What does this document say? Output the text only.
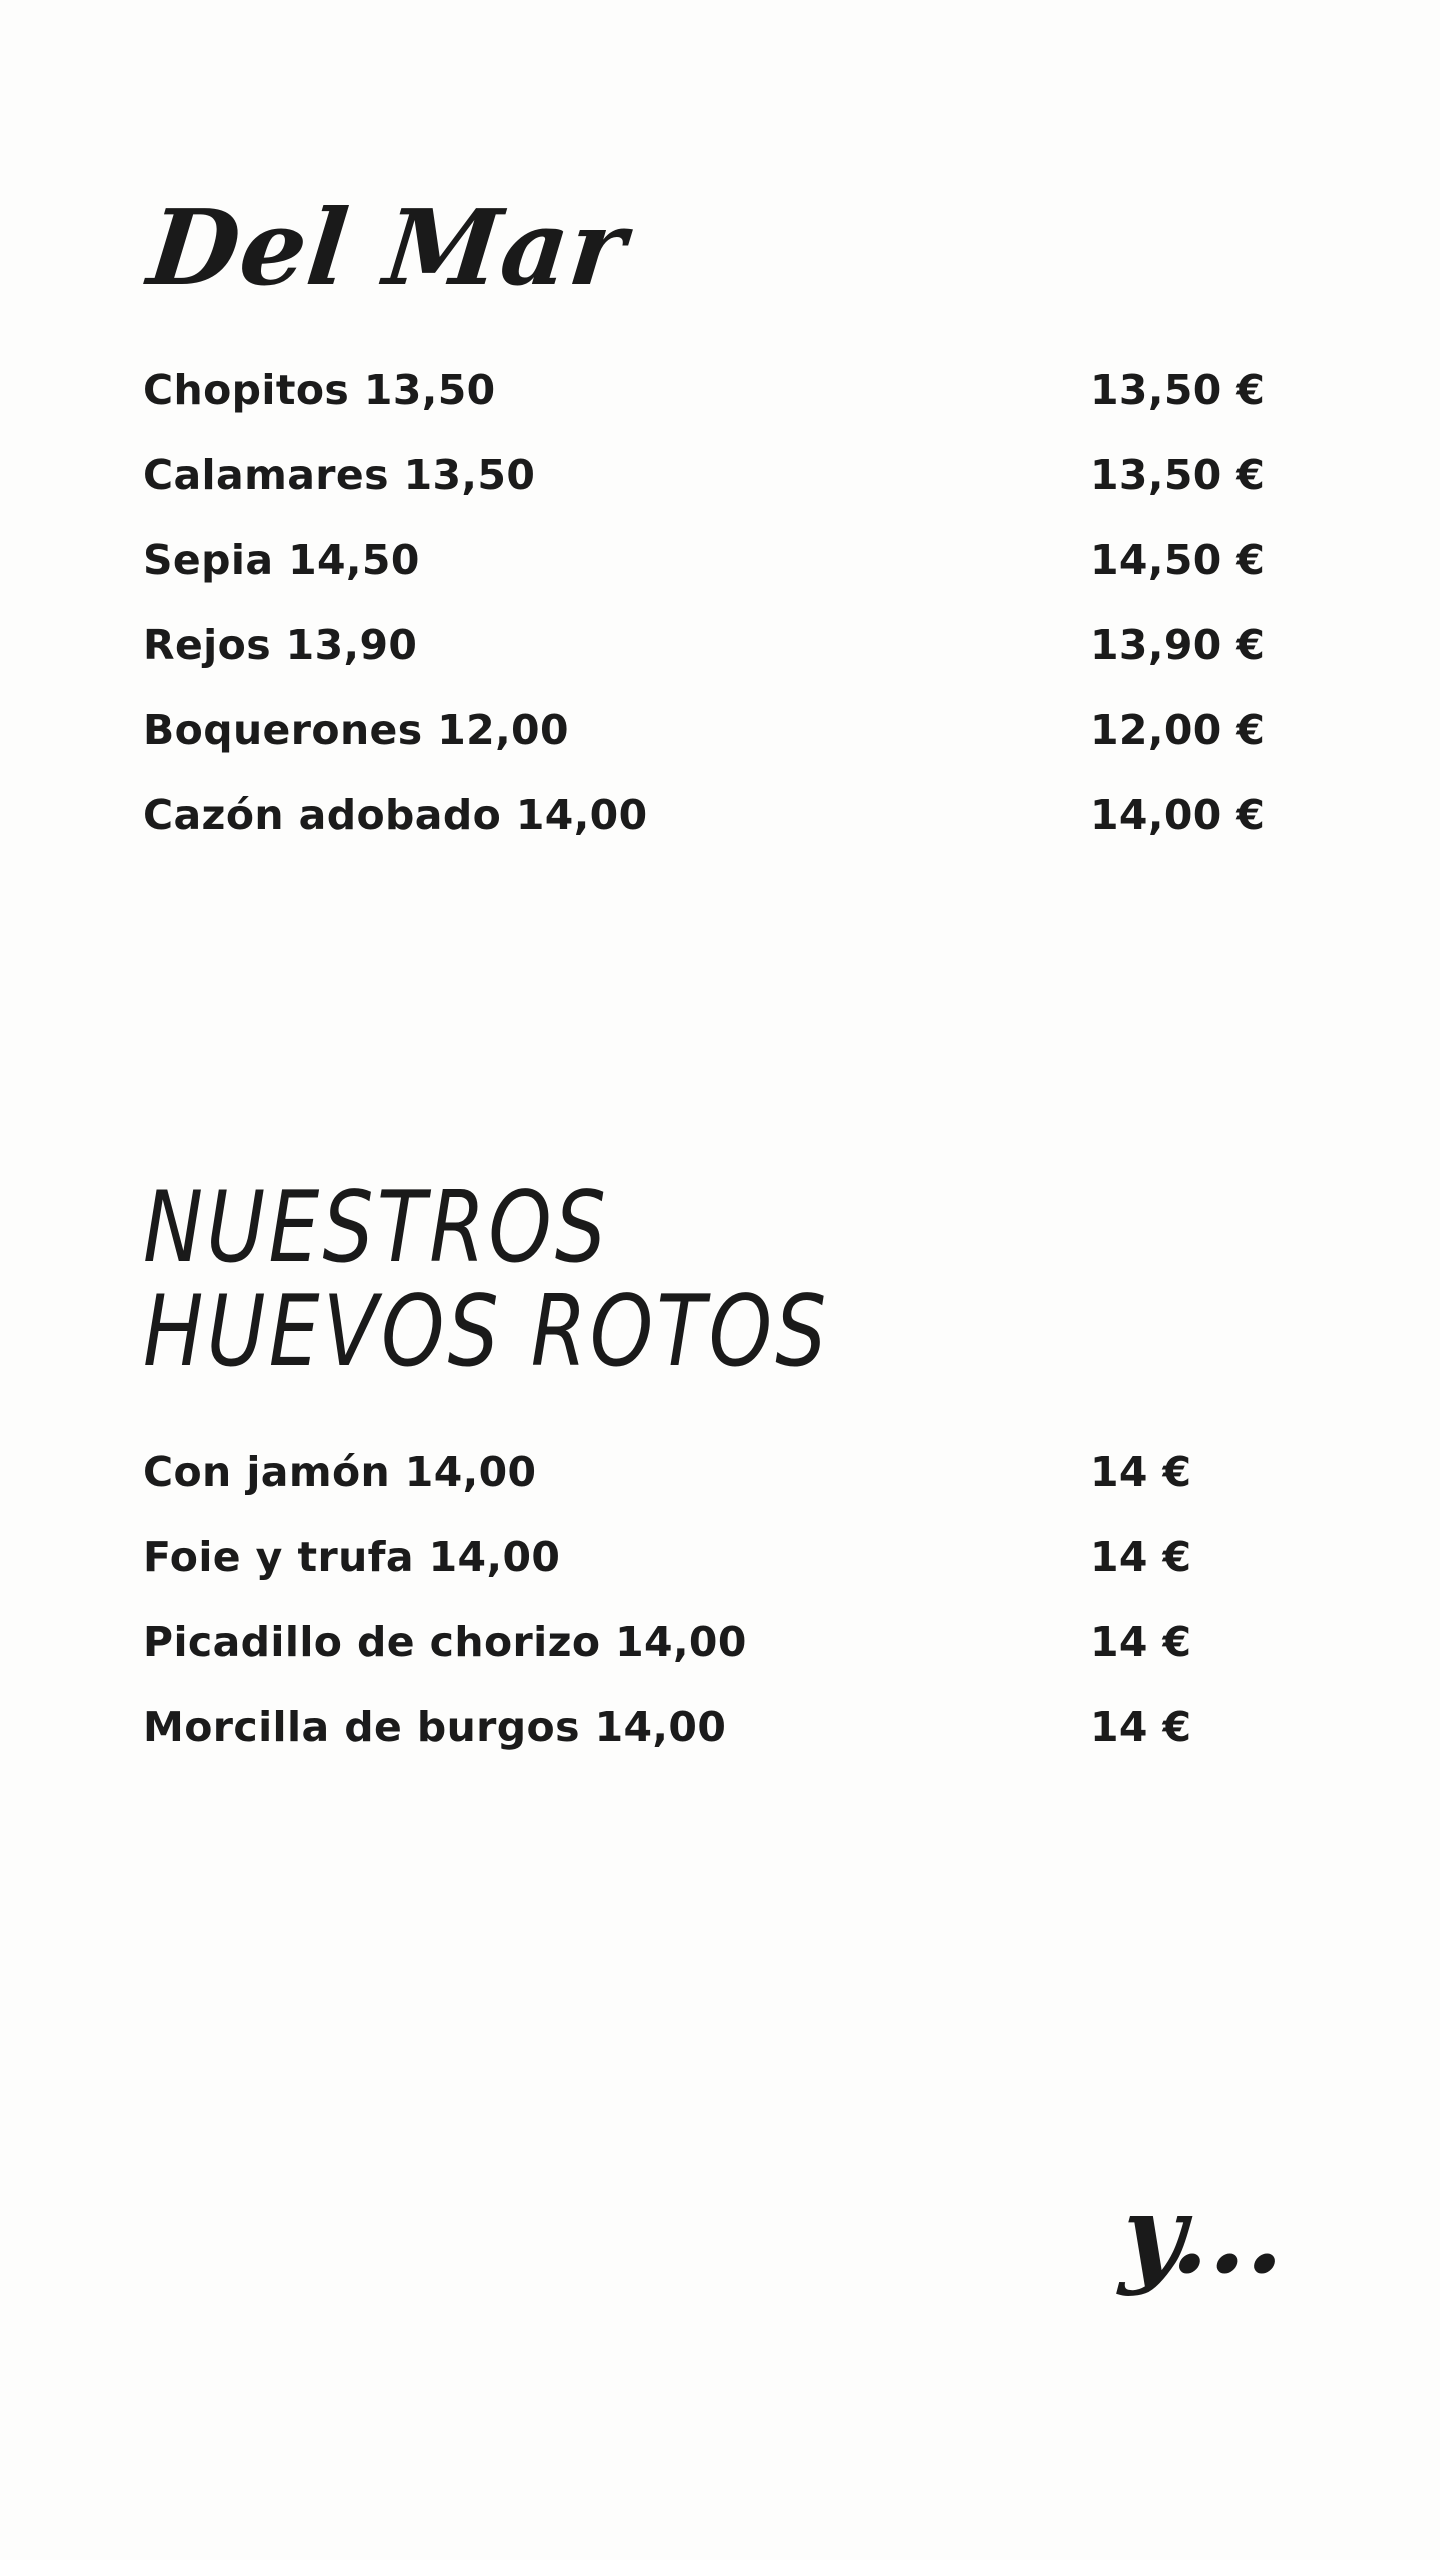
Del Mar
Chopitos 13,50	13,50 €
Calamares 13,50	13,50 €
Sepia 14,50	14,50 €
Rejos 13,90	13,90 €
Boquerones 12,00	12,00 €
Cazón adobado 14,00	14,00 €
NUESTROS
HUEVOS ROTOS
Con jamón 14,00	14 €
Foie y trufa 14,00	14 €
Picadillo de chorizo 14,00	14 €
Morcilla de burgos 14,00	14 €

y...
